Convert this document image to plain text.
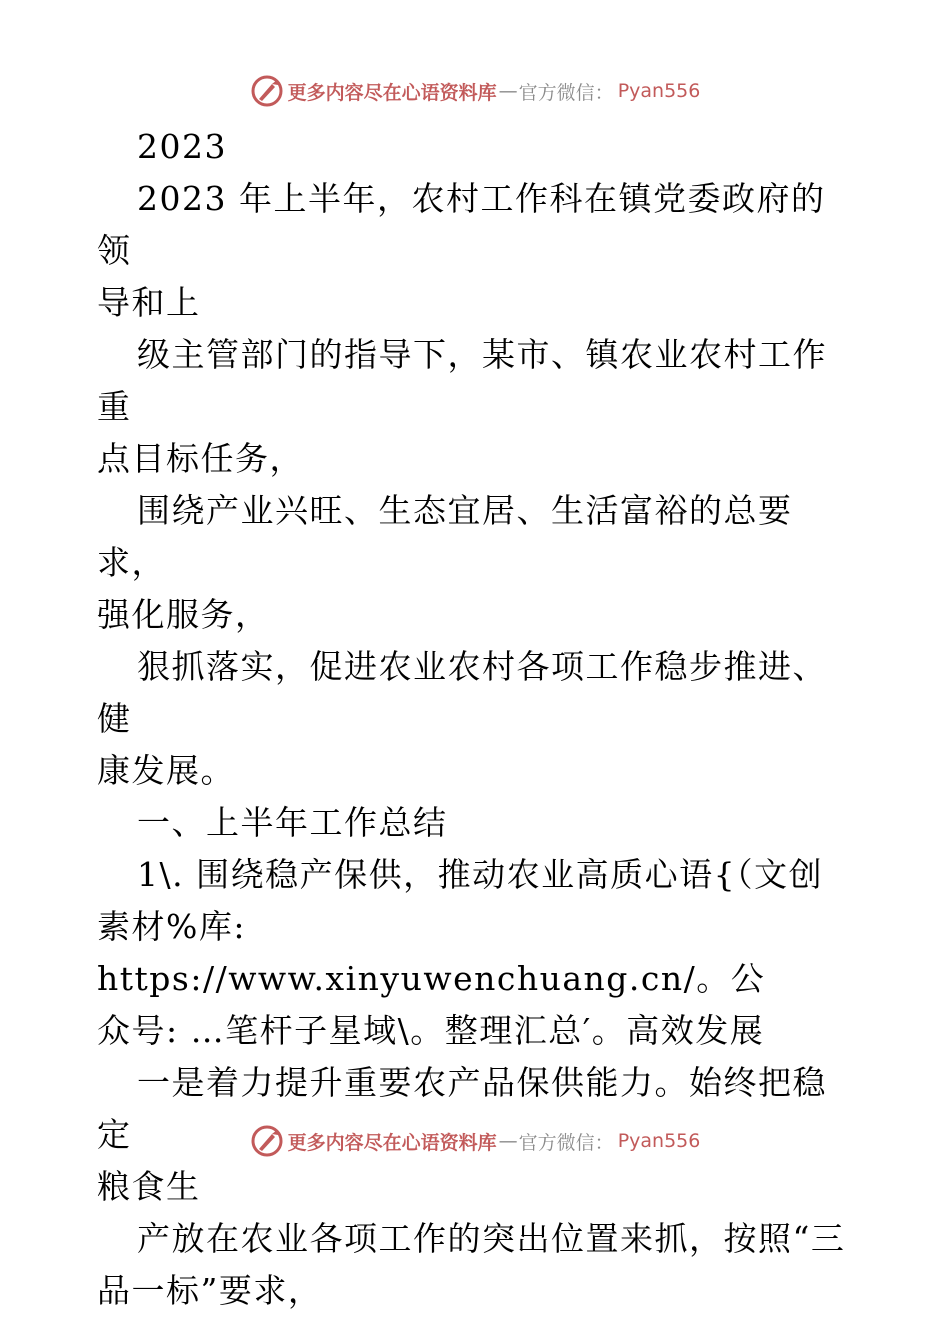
更多内容尽在心语资料库 — 官方微信： Pyan556

2023

2023 年上半年，农村工作科在镇党委政府的领

导和上

级主管部门的指导下，某市、镇农业农村工作重

点目标任务，

围绕产业兴旺、生态宜居、生活富裕的总要求，

强化服务，

狠抓落实，促进农业农村各项工作稳步推进、健

康发展。

一、上半年工作总结

1\. 围绕稳产保供，推动农业高质心语{（文创

素材%库: https://www.xinyuwenchuang.cn/。公

众号: …笔杆子星域\。整理汇总′。高效发展

一是着力提升重要农产品保供能力。始终把稳定

粮食生

产放在农业各项工作的突出位置来抓，按照“三

品一标”要求，

更多内容尽在心语资料库 — 官方微信： Pyan556
